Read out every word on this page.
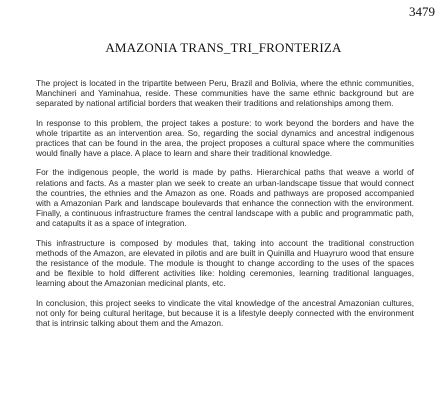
3479
AMAZONIA TRANS_TRI_FRONTERIZA

The project is located in the tripartite between Peru, Brazil and Bolivia, where the ethnic communities, Manchineri and Yaminahua, reside. These communities have the same ethnic background but are separated by national artificial borders that weaken their traditions and relationships among them.

In response to this problem, the project takes a posture: to work beyond the borders and have the whole tripartite as an intervention area. So, regarding the social dynamics and ancestral indigenous practices that can be found in the area, the project proposes a cultural space where the communities would finally have a place. A place to learn and share their traditional knowledge.

For the indigenous people, the world is made by paths. Hierarchical paths that weave a world of relations and facts. As a master plan we seek to create an urban-landscape tissue that would connect the countries, the ethnies and the Amazon as one. Roads and pathways are proposed accompanied with a Amazonian Park and landscape boulevards that enhance the connection with the environment. Finally, a continuous infrastructure frames the central landscape with a public and programmatic path, and catapults it as a space of integration.

This infrastructure is composed by modules that, taking into account the traditional construction methods of the Amazon, are elevated in pilotis and are built in Quinilla and Huayruro wood that ensure the resistance of the module. The module is thought to change according to the uses of the spaces and be flexible to hold different activities like: holding ceremonies, learning traditional languages, learning about the Amazonian medicinal plants, etc.

In conclusion, this project seeks to vindicate the vital knowledge of the ancestral Amazonian cultures, not only for being cultural heritage, but because it is a lifestyle deeply connected with the environment that is intrinsic talking about them and the Amazon.
